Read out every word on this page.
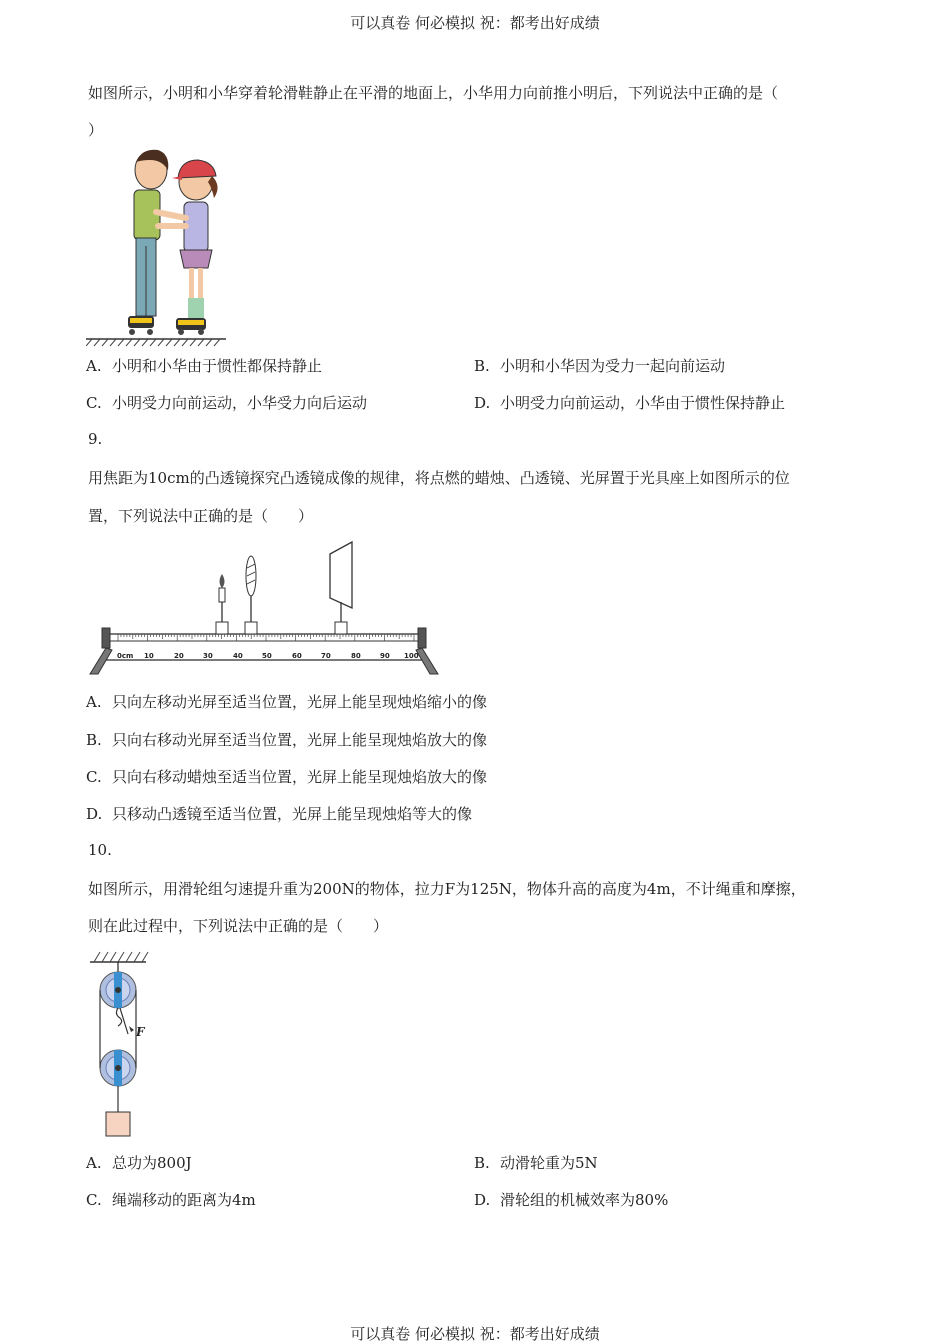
可以真卷 何必模拟 祝：都考出好成绩
如图所示，小明和小华穿着轮滑鞋静止在平滑的地面上，小华用力向前推小明后，下列说法中正确的是（
）
A. 小明和小华由于惯性都保持静止	B. 小明和小华因为受力一起向前运动
C. 小明受力向前运动，小华受力向后运动	D. 小明受力向前运动，小华由于惯性保持静止
9.
用焦距为10cm的凸透镜探究凸透镜成像的规律，将点燃的蜡烛、凸透镜、光屏置于光具座上如图所示的位
置，下列说法中正确的是（　　）
0cm 10	20	30	40	50	60	70	80	90 100
A. 只向左移动光屏至适当位置，光屏上能呈现烛焰缩小的像
B. 只向右移动光屏至适当位置，光屏上能呈现烛焰放大的像
C. 只向右移动蜡烛至适当位置，光屏上能呈现烛焰放大的像
D. 只移动凸透镜至适当位置，光屏上能呈现烛焰等大的像
10.
如图所示，用滑轮组匀速提升重为200N的物体，拉力F为125N，物体升高的高度为4m，不计绳重和摩擦，
则在此过程中，下列说法中正确的是（　　）
F
A. 总功为800J	B. 动滑轮重为5N
C. 绳端移动的距离为4m	D. 滑轮组的机械效率为80%
可以真卷 何必模拟 祝：都考出好成绩
